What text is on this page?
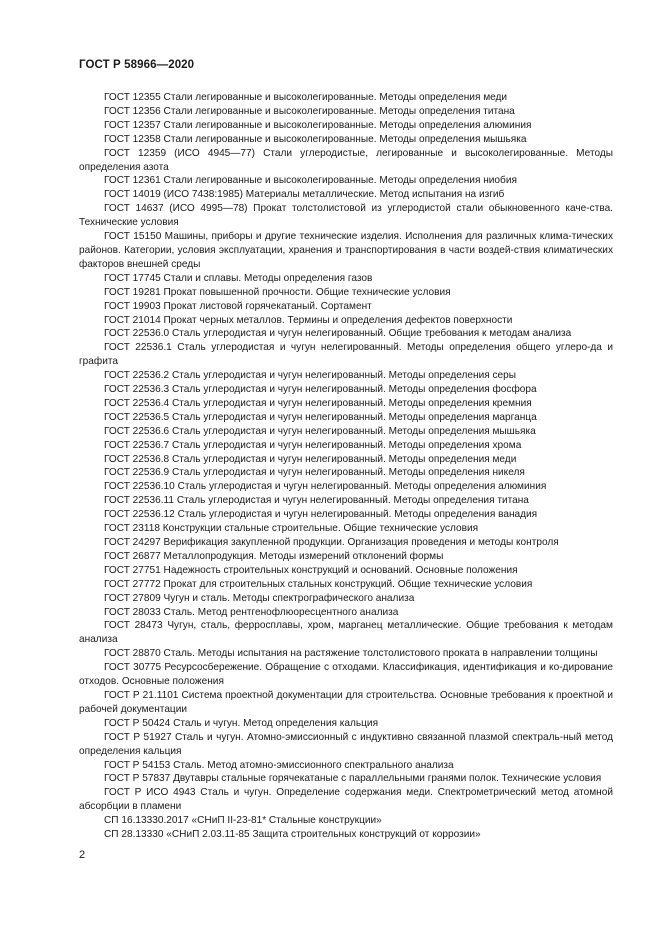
ГОСТ Р 58966—2020

ГОСТ 12355 Стали легированные и высоколегированные. Методы определения меди

ГОСТ 12356 Стали легированные и высоколегированные. Методы определения титана

ГОСТ 12357 Стали легированные и высоколегированные. Методы определения алюминия

ГОСТ 12358 Стали легированные и высоколегированные. Методы определения мышьяка

ГОСТ 12359 (ИСО 4945—77) Стали углеродистые, легированные и высоколегированные. Методы определения азота

ГОСТ 12361 Стали легированные и высоколегированные. Методы определения ниобия

ГОСТ 14019 (ИСО 7438:1985) Материалы металлические. Метод испытания на изгиб

ГОСТ 14637 (ИСО 4995—78) Прокат толстолистовой из углеродистой стали обыкновенного каче-ства. Технические условия

ГОСТ 15150 Машины, приборы и другие технические изделия. Исполнения для различных клима-тических районов. Категории, условия эксплуатации, хранения и транспортирования в части воздей-ствия климатических факторов внешней среды

ГОСТ 17745 Стали и сплавы. Методы определения газов

ГОСТ 19281 Прокат повышенной прочности. Общие технические условия

ГОСТ 19903 Прокат листовой горячекатаный. Сортамент

ГОСТ 21014 Прокат черных металлов. Термины и определения дефектов поверхности

ГОСТ 22536.0 Сталь углеродистая и чугун нелегированный. Общие требования к методам анализа

ГОСТ 22536.1 Сталь углеродистая и чугун нелегированный. Методы определения общего углеро-да и графита

ГОСТ 22536.2 Сталь углеродистая и чугун нелегированный. Методы определения серы

ГОСТ 22536.3 Сталь углеродистая и чугун нелегированный. Методы определения фосфора

ГОСТ 22536.4 Сталь углеродистая и чугун нелегированный. Методы определения кремния

ГОСТ 22536.5 Сталь углеродистая и чугун нелегированный. Методы определения марганца

ГОСТ 22536.6 Сталь углеродистая и чугун нелегированный. Методы определения мышьяка

ГОСТ 22536.7 Сталь углеродистая и чугун нелегированный. Методы определения хрома

ГОСТ 22536.8 Сталь углеродистая и чугун нелегированный. Методы определения меди

ГОСТ 22536.9 Сталь углеродистая и чугун нелегированный. Методы определения никеля

ГОСТ 22536.10 Сталь углеродистая и чугун нелегированный. Методы определения алюминия

ГОСТ 22536.11 Сталь углеродистая и чугун нелегированный. Методы определения титана

ГОСТ 22536.12 Сталь углеродистая и чугун нелегированный. Методы определения ванадия

ГОСТ 23118 Конструкции стальные строительные. Общие технические условия

ГОСТ 24297 Верификация закупленной продукции. Организация проведения и методы контроля

ГОСТ 26877 Металлопродукция. Методы измерений отклонений формы

ГОСТ 27751 Надежность строительных конструкций и оснований. Основные положения

ГОСТ 27772 Прокат для строительных стальных конструкций. Общие технические условия

ГОСТ 27809 Чугун и сталь. Методы спектрографического анализа

ГОСТ 28033 Сталь. Метод рентгенофлюоресцентного анализа

ГОСТ 28473 Чугун, сталь, ферросплавы, хром, марганец металлические. Общие требования к методам анализа

ГОСТ 28870 Сталь. Методы испытания на растяжение толстолистового проката в направлении толщины

ГОСТ 30775 Ресурсосбережение. Обращение с отходами. Классификация, идентификация и ко-дирование отходов. Основные положения

ГОСТ Р 21.1101 Система проектной документации для строительства. Основные требования к проектной и рабочей документации

ГОСТ Р 50424 Сталь и чугун. Метод определения кальция

ГОСТ Р 51927 Сталь и чугун. Атомно-эмиссионный с индуктивно связанной плазмой спектраль-ный метод определения кальция

ГОСТ Р 54153 Сталь. Метод атомно-эмиссионного спектрального анализа

ГОСТ Р 57837 Двутавры стальные горячекатаные с параллельными гранями полок. Технические условия

ГОСТ Р ИСО 4943 Сталь и чугун. Определение содержания меди. Спектрометрический метод атомной абсорбции в пламени

СП 16.13330.2017 «СНиП II-23-81* Стальные конструкции»

СП 28.13330 «СНиП 2.03.11-85 Защита строительных конструкций от коррозии»

2
